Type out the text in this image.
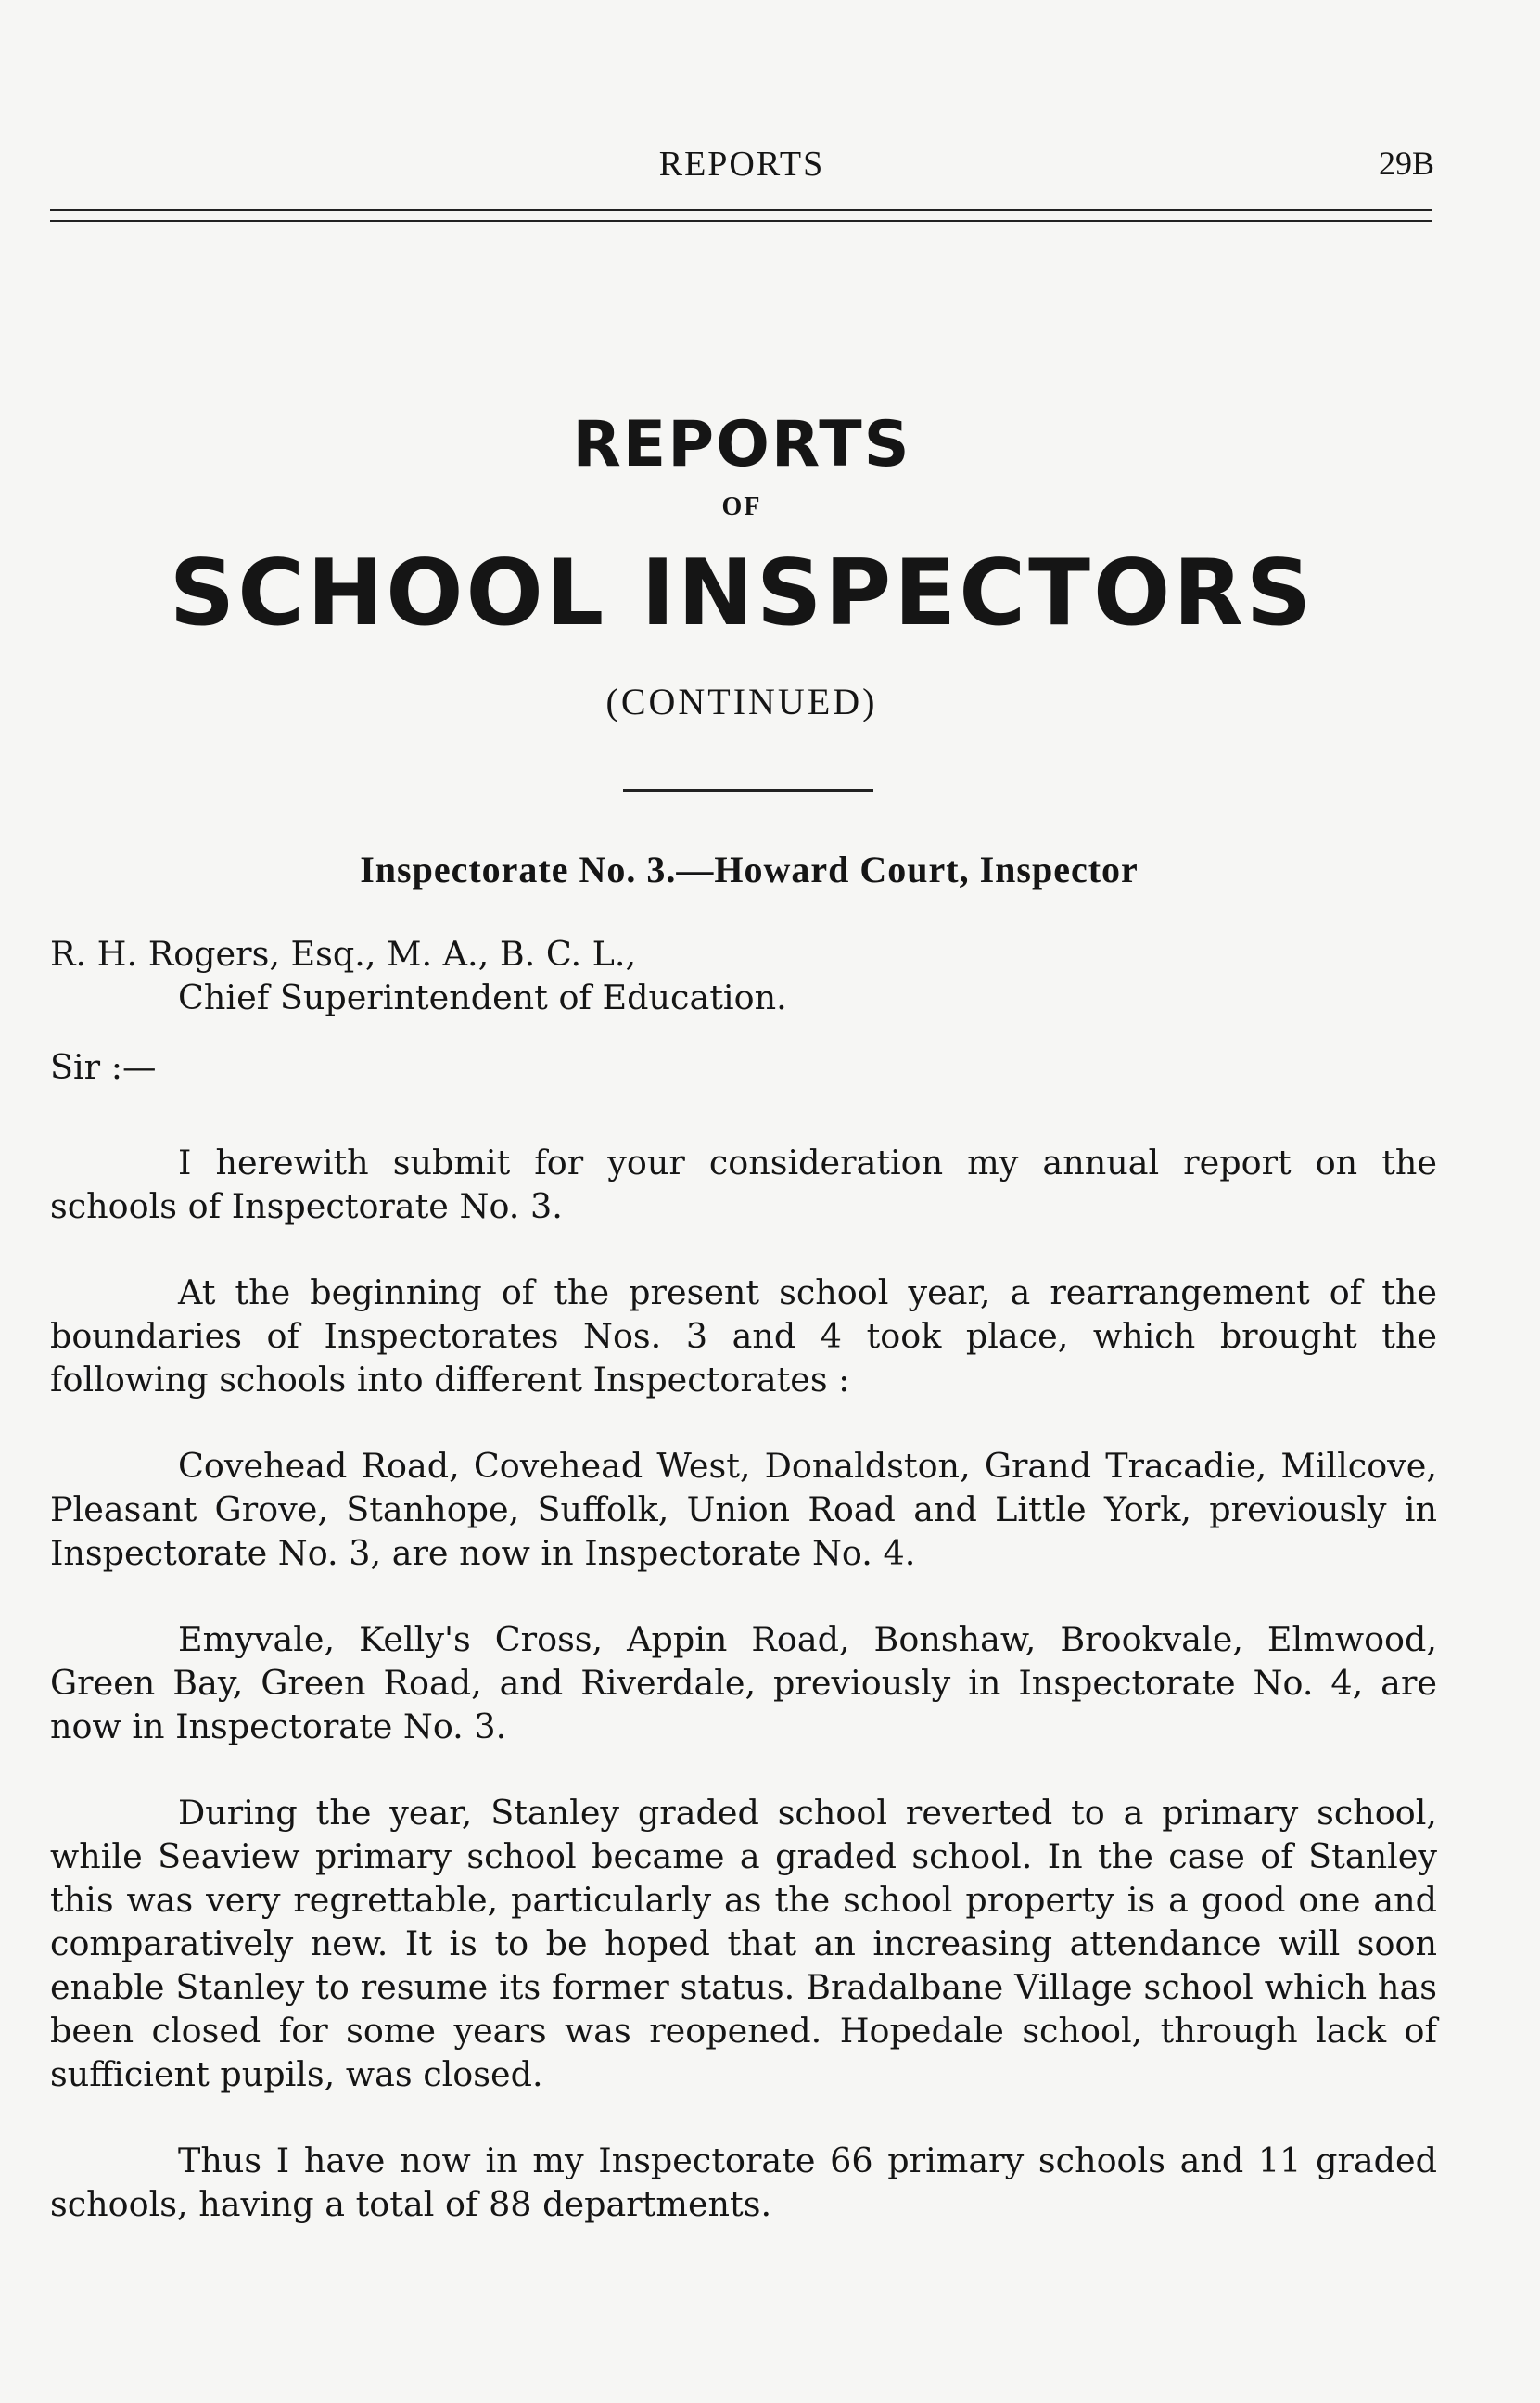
REPORTS	29B
REPORTS
OF
SCHOOL INSPECTORS
(CONTINUED)
Inspectorate No. 3.—Howard Court, Inspector

R. H. Rogers, Esq., M. A., B. C. L.,

Chief Superintendent of Education.

Sir :—

I herewith submit for your consideration my annual report on the schools of Inspectorate No. 3.

At the beginning of the present school year, a rearrangement of the boundaries of Inspectorates Nos. 3 and 4 took place, which brought the following schools into different Inspectorates :

Covehead Road, Covehead West, Donaldston, Grand Tracadie, Millcove, Pleasant Grove, Stanhope, Suffolk, Union Road and Little York, previously in Inspectorate No. 3, are now in Inspectorate No. 4.

Emyvale, Kelly's Cross, Appin Road, Bonshaw, Brookvale, Elmwood, Green Bay, Green Road, and Riverdale, previously in Inspectorate No. 4, are now in Inspectorate No. 3.

During the year, Stanley graded school reverted to a primary school, while Seaview primary school became a graded school. In the case of Stanley this was very regrettable, particularly as the school property is a good one and comparatively new. It is to be hoped that an increasing attendance will soon enable Stanley to resume its former status. Bradalbane Village school which has been closed for some years was reopened. Hopedale school, through lack of sufficient pupils, was closed.

Thus I have now in my Inspectorate 66 primary schools and 11 graded schools, having a total of 88 departments.
